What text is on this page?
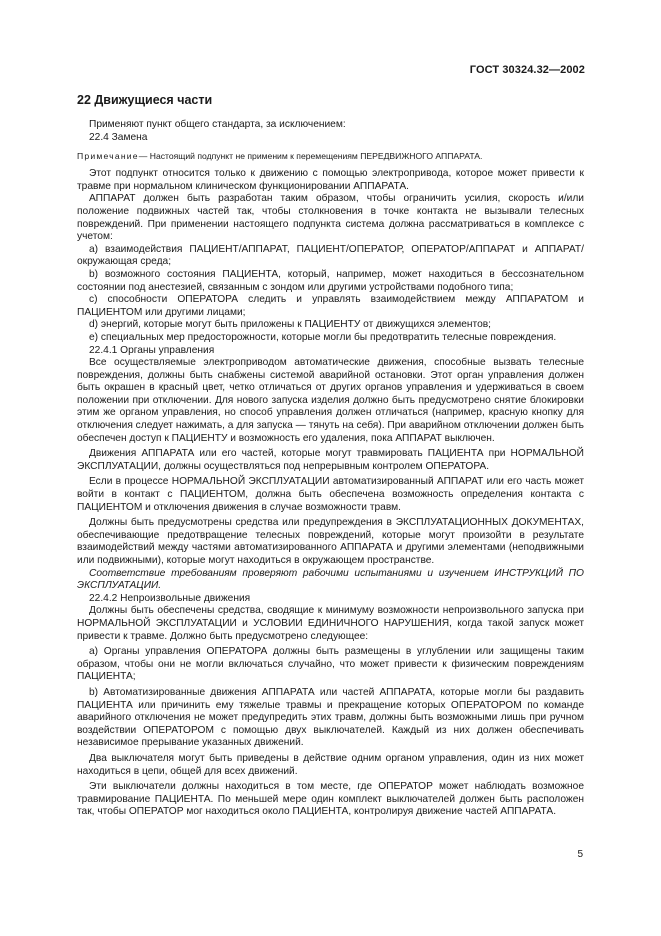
ГОСТ 30324.32—2002
22 Движущиеся части

Применяют пункт общего стандарта, за исключением:

22.4 Замена

Примечание— Настоящий подпункт не применим к перемещениям ПЕРЕДВИЖНОГО АППАРАТА.

Этот подпункт относится только к движению с помощью электропривода, которое может привести к травме при нормальном клиническом функционировании АППАРАТА.

АППАРАТ должен быть разработан таким образом, чтобы ограничить усилия, скорость и/или положение подвижных частей так, чтобы столкновения в точке контакта не вызывали телесных повреждений. При применении настоящего подпункта система должна рассматриваться в комплексе с учетом:

a) взаимодействия ПАЦИЕНТ/АППАРАТ, ПАЦИЕНТ/ОПЕРАТОР, ОПЕРАТОР/АППАРАТ и АППАРАТ/окружающая среда;

b) возможного состояния ПАЦИЕНТА, который, например, может находиться в бессознательном состоянии под анестезией, связанным с зондом или другими устройствами подобного типа;

c) способности ОПЕРАТОРА следить и управлять взаимодействием между АППАРАТОМ и ПАЦИЕНТОМ или другими лицами;

d) энергий, которые могут быть приложены к ПАЦИЕНТУ от движущихся элементов;

e) специальных мер предосторожности, которые могли бы предотвратить телесные повреждения.

22.4.1 Органы управления

Все осуществляемые электроприводом автоматические движения, способные вызвать телесные повреждения, должны быть снабжены системой аварийной остановки. Этот орган управления должен быть окрашен в красный цвет, четко отличаться от других органов управления и удерживаться в своем положении при отключении. Для нового запуска изделия должно быть предусмотрено снятие блокировки этим же органом управления, но способ управления должен отличаться (например, красную кнопку для отключения следует нажимать, а для запуска — тянуть на себя). При аварийном отключении должен быть обеспечен доступ к ПАЦИЕНТУ и возможность его удаления, пока АППАРАТ выключен.

Движения АППАРАТА или его частей, которые могут травмировать ПАЦИЕНТА при НОРМАЛЬНОЙ ЭКСПЛУАТАЦИИ, должны осуществляться под непрерывным контролем ОПЕРАТОРА.

Если в процессе НОРМАЛЬНОЙ ЭКСПЛУАТАЦИИ автоматизированный АППАРАТ или его часть может войти в контакт с ПАЦИЕНТОМ, должна быть обеспечена возможность определения контакта с ПАЦИЕНТОМ и отключения движения в случае возможности травм.

Должны быть предусмотрены средства или предупреждения в ЭКСПЛУАТАЦИОННЫХ ДОКУМЕНТАХ, обеспечивающие предотвращение телесных повреждений, которые могут произойти в результате взаимодействий между частями автоматизированного АППАРАТА и другими элементами (неподвижными или подвижными), которые могут находиться в окружающем пространстве.

Соответствие требованиям проверяют рабочими испытаниями и изучением ИНСТРУКЦИЙ ПО ЭКСПЛУАТАЦИИ.

22.4.2 Непроизвольные движения

Должны быть обеспечены средства, сводящие к минимуму возможности непроизвольного запуска при НОРМАЛЬНОЙ ЭКСПЛУАТАЦИИ и УСЛОВИИ ЕДИНИЧНОГО НАРУШЕНИЯ, когда такой запуск может привести к травме. Должно быть предусмотрено следующее:

a) Органы управления ОПЕРАТОРА должны быть размещены в углублении или защищены таким образом, чтобы они не могли включаться случайно, что может привести к физическим повреждениям ПАЦИЕНТА;

b) Автоматизированные движения АППАРАТА или частей АППАРАТА, которые могли бы раздавить ПАЦИЕНТА или причинить ему тяжелые травмы и прекращение которых ОПЕРАТОРОМ по команде аварийного отключения не может предупредить этих травм, должны быть возможными лишь при ручном воздействии ОПЕРАТОРОМ с помощью двух выключателей. Каждый из них должен обеспечивать независимое прерывание указанных движений.

Два выключателя могут быть приведены в действие одним органом управления, один из них может находиться в цепи, общей для всех движений.

Эти выключатели должны находиться в том месте, где ОПЕРАТОР может наблюдать возможное травмирование ПАЦИЕНТА. По меньшей мере один комплект выключателей должен быть расположен так, чтобы ОПЕРАТОР мог находиться около ПАЦИЕНТА, контролируя движение частей АППАРАТА.

5
